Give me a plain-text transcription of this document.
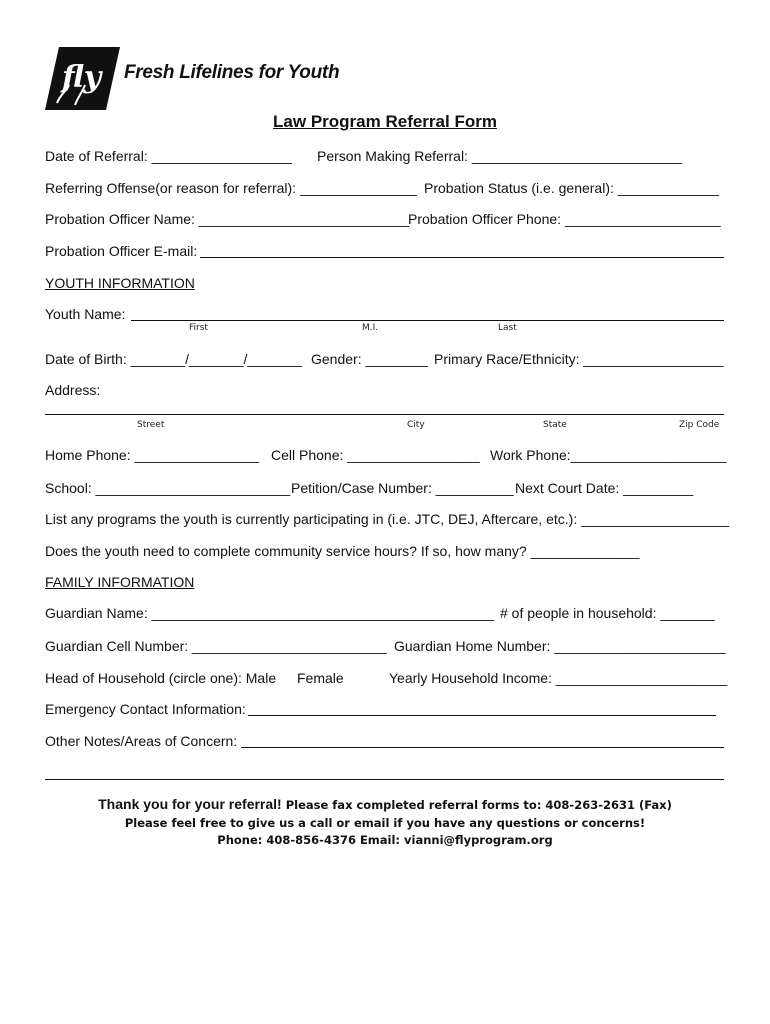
fly Fresh Lifelines for Youth
Law Program Referral Form
Date of Referral: __________________ Person Making Referral: ___________________________
Referring Offense(or reason for referral): _______________ Probation Status (i.e. general): _____________
Probation Officer Name: ___________________________
Probation Officer Phone: ____________________
Probation Officer E-mail:
YOUTH INFORMATION
Youth Name:
First	M.I.	Last
Date of Birth: _______/_______/_______ Gender: ________ Primary Race/Ethnicity: __________________
Address:
Street	City	State	Zip Code
Home Phone: ________________ Cell Phone: _________________ Work Phone:____________________
School: _________________________ Petition/Case Number: __________ Next Court Date: _________
List any programs the youth is currently participating in (i.e. JTC, DEJ, Aftercare, etc.): ___________________
Does the youth need to complete community service hours? If so, how many? ______________
FAMILY INFORMATION
Guardian Name: ____________________________________________ # of people in household: _______
Guardian Cell Number: _________________________ Guardian Home Number: ______________________
Head of Household (circle one): Male Female	Yearly Household Income: ______________________
Emergency Contact Information:
Other Notes/Areas of Concern:
Thank you for your referral! Please fax completed referral forms to: 408-263-2631 (Fax)
Please feel free to give us a call or email if you have any questions or concerns!
Phone: 408-856-4376 Email: vianni@flyprogram.org
